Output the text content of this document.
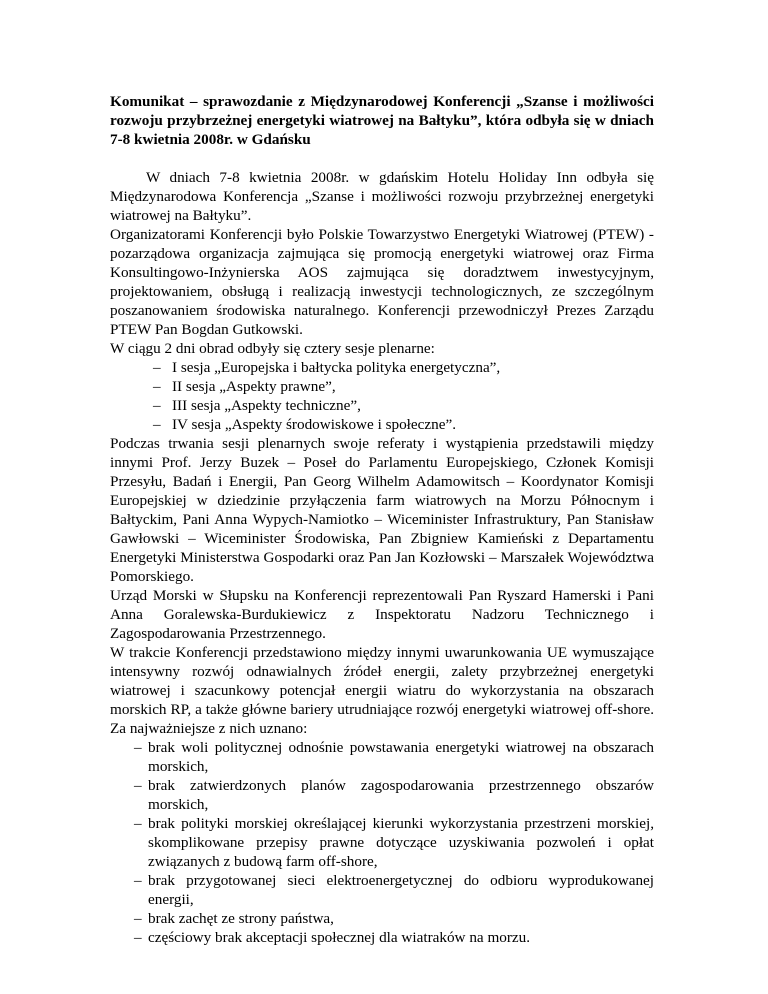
Komunikat – sprawozdanie z Międzynarodowej Konferencji „Szanse i możliwości rozwoju przybrzeżnej energetyki wiatrowej na Bałtyku”, która odbyła się w dniach 7-8 kwietnia 2008r. w Gdańsku

W dniach 7-8 kwietnia 2008r. w gdańskim Hotelu Holiday Inn odbyła się Międzynarodowa Konferencja „Szanse i możliwości rozwoju przybrzeżnej energetyki wiatrowej na Bałtyku”.

Organizatorami Konferencji było Polskie Towarzystwo Energetyki Wiatrowej (PTEW) - pozarządowa organizacja zajmująca się promocją energetyki wiatrowej oraz Firma Konsultingowo-Inżynierska AOS zajmująca się doradztwem inwestycyjnym, projektowaniem, obsługą i realizacją inwestycji technologicznych, ze szczególnym poszanowaniem środowiska naturalnego. Konferencji przewodniczył Prezes Zarządu PTEW Pan Bogdan Gutkowski.

W ciągu 2 dni obrad odbyły się cztery sesje plenarne:

– I sesja „Europejska i bałtycka polityka energetyczna”,
– II sesja „Aspekty prawne”,
– III sesja „Aspekty techniczne”,
– IV sesja „Aspekty środowiskowe i społeczne”.

Podczas trwania sesji plenarnych swoje referaty i wystąpienia przedstawili między innymi Prof. Jerzy Buzek – Poseł do Parlamentu Europejskiego, Członek Komisji Przesyłu, Badań i Energii, Pan Georg Wilhelm Adamowitsch – Koordynator Komisji Europejskiej w dziedzinie przyłączenia farm wiatrowych na Morzu Północnym i Bałtyckim, Pani Anna Wypych-Namiotko – Wiceminister Infrastruktury, Pan Stanisław Gawłowski – Wiceminister Środowiska, Pan Zbigniew Kamieński z Departamentu Energetyki Ministerstwa Gospodarki oraz Pan Jan Kozłowski – Marszałek Województwa Pomorskiego.

Urząd Morski w Słupsku na Konferencji reprezentowali Pan Ryszard Hamerski i Pani Anna Goralewska-Burdukiewicz z Inspektoratu Nadzoru Technicznego i Zagospodarowania Przestrzennego.

W trakcie Konferencji przedstawiono między innymi uwarunkowania UE wymuszające intensywny rozwój odnawialnych źródeł energii, zalety przybrzeżnej energetyki wiatrowej i szacunkowy potencjał energii wiatru do wykorzystania na obszarach morskich RP, a także główne bariery utrudniające rozwój energetyki wiatrowej off-shore. Za najważniejsze z nich uznano:

– brak woli politycznej odnośnie powstawania energetyki wiatrowej na obszarach morskich,
– brak zatwierdzonych planów zagospodarowania przestrzennego obszarów morskich,
– brak polityki morskiej określającej kierunki wykorzystania przestrzeni morskiej, skomplikowane przepisy prawne dotyczące uzyskiwania pozwoleń i opłat związanych z budową farm off-shore,
– brak przygotowanej sieci elektroenergetycznej do odbioru wyprodukowanej energii,
– brak zachęt ze strony państwa,
– częściowy brak akceptacji społecznej dla wiatraków na morzu.
